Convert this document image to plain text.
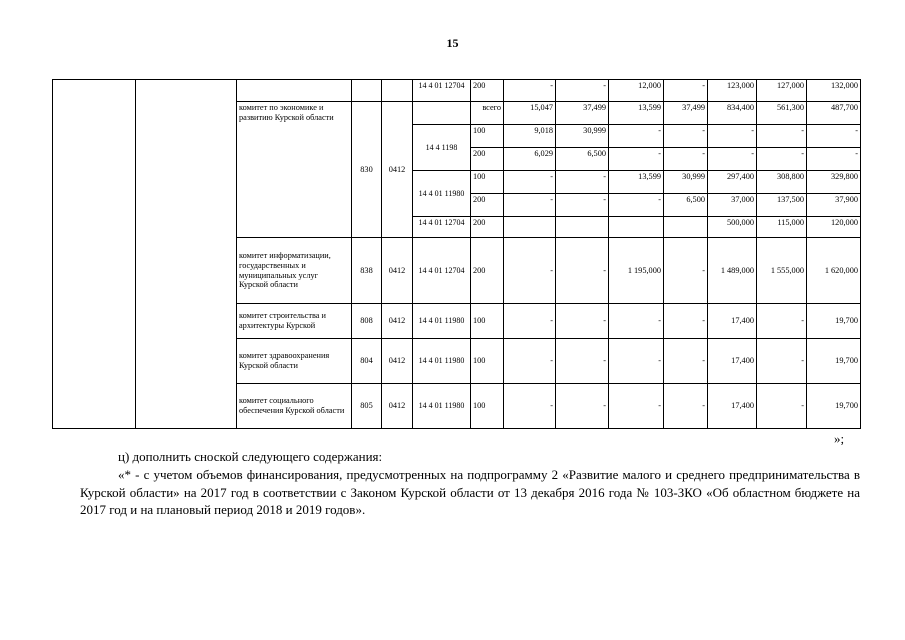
15
					14 4 01 12704	200	-	-	12,000	-	123,000	127,000	132,000
		комитет по экономике и развитию Курской области	830	0412		всего	15,047	37,499	13,599	37,499	834,400	561,300	487,700
					14 4 1198	100	9,018	30,999	-	-	-	-	-
						200	6,029	6,500	-	-	-	-	-
					14 4 01 11980	100	-	-	13,599	30,999	297,400	308,800	329,800
						200	-	-	-	6,500	37,000	137,500	37,900
					14 4 01 12704	200					500,000	115,000	120,000
		комитет информатизации, государственных и муниципальных услуг Курской области	838	0412	14 4 01 12704	200	-	-	1 195,000	-	1 489,000	1 555,000	1 620,000
		комитет строительства и архитектуры Курской	808	0412	14 4 01 11980	100	-	-	-	-	17,400	-	19,700
		комитет здравоохранения Курской области	804	0412	14 4 01 11980	100	-	-	-	-	17,400	-	19,700
		комитет социального обеспечения Курской области	805	0412	14 4 01 11980	100	-	-	-	-	17,400	-	19,700
»;
ц) дополнить сноской следующего содержания:
«* - с учетом объемов финансирования, предусмотренных на подпрограмму 2 «Развитие малого и среднего предпринимательства в Курской области» на 2017 год в соответствии с Законом Курской области от 13 декабря 2016 года № 103-ЗКО «Об областном бюджете на 2017 год и на плановый период 2018 и 2019 годов».
